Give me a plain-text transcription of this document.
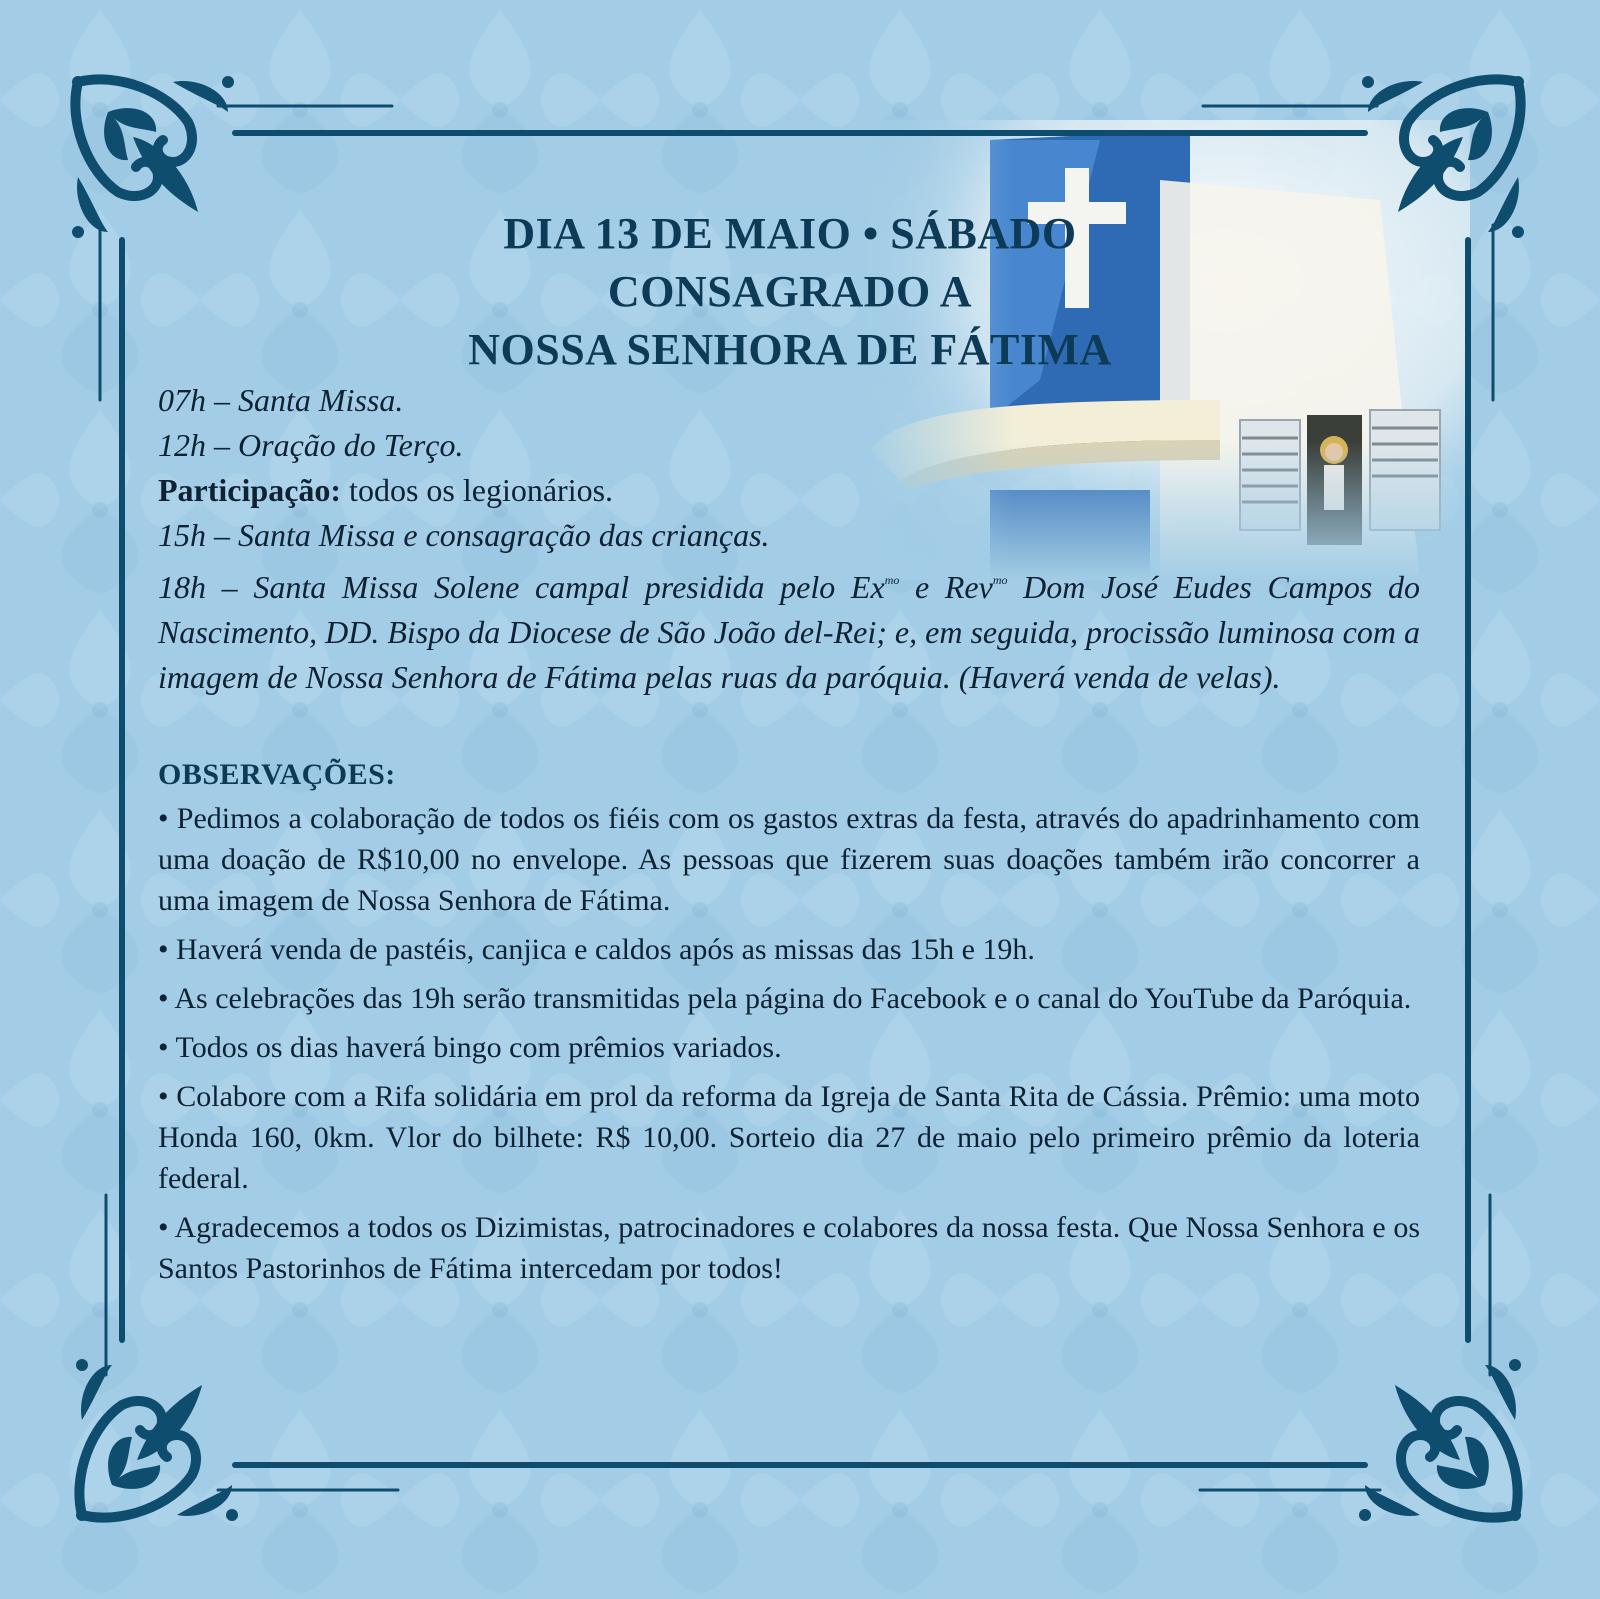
DIA 13 DE MAIO • SÁBADO
CONSAGRADO A
NOSSA SENHORA DE FÁTIMA

07h – Santa Missa.

12h – Oração do Terço.

Participação: todos os legionários.

15h – Santa Missa e consagração das crianças.

18h – Santa Missa Solene campal presidida pelo $Ex^{mo}$ e Rev$^{mo}$ Dom José Eudes Campos do Nascimento, DD. Bispo da Diocese de São João del-Rei; e, em seguida, procissão luminosa com a imagem de Nossa Senhora de Fátima pelas ruas da paróquia. (Haverá venda de velas).

OBSERVAÇÕES:

• Pedimos a colaboração de todos os fiéis com os gastos extras da festa, através do apadrinhamento com uma doação de R$10,00 no envelope. As pessoas que fizerem suas doações também irão concorrer a uma imagem de Nossa Senhora de Fátima.

• Haverá venda de pastéis, canjica e caldos após as missas das 15h e 19h.

• As celebrações das 19h serão transmitidas pela página do Facebook e o canal do YouTube da Paróquia.

• Todos os dias haverá bingo com prêmios variados.

• Colabore com a Rifa solidária em prol da reforma da Igreja de Santa Rita de Cássia. Prêmio: uma moto Honda 160, 0km. Vlor do bilhete: R$ 10,00. Sorteio dia 27 de maio pelo primeiro prêmio da loteria federal.

• Agradecemos a todos os Dizimistas, patrocinadores e colabores da nossa festa. Que Nossa Senhora e os Santos Pastorinhos de Fátima intercedam por todos!
